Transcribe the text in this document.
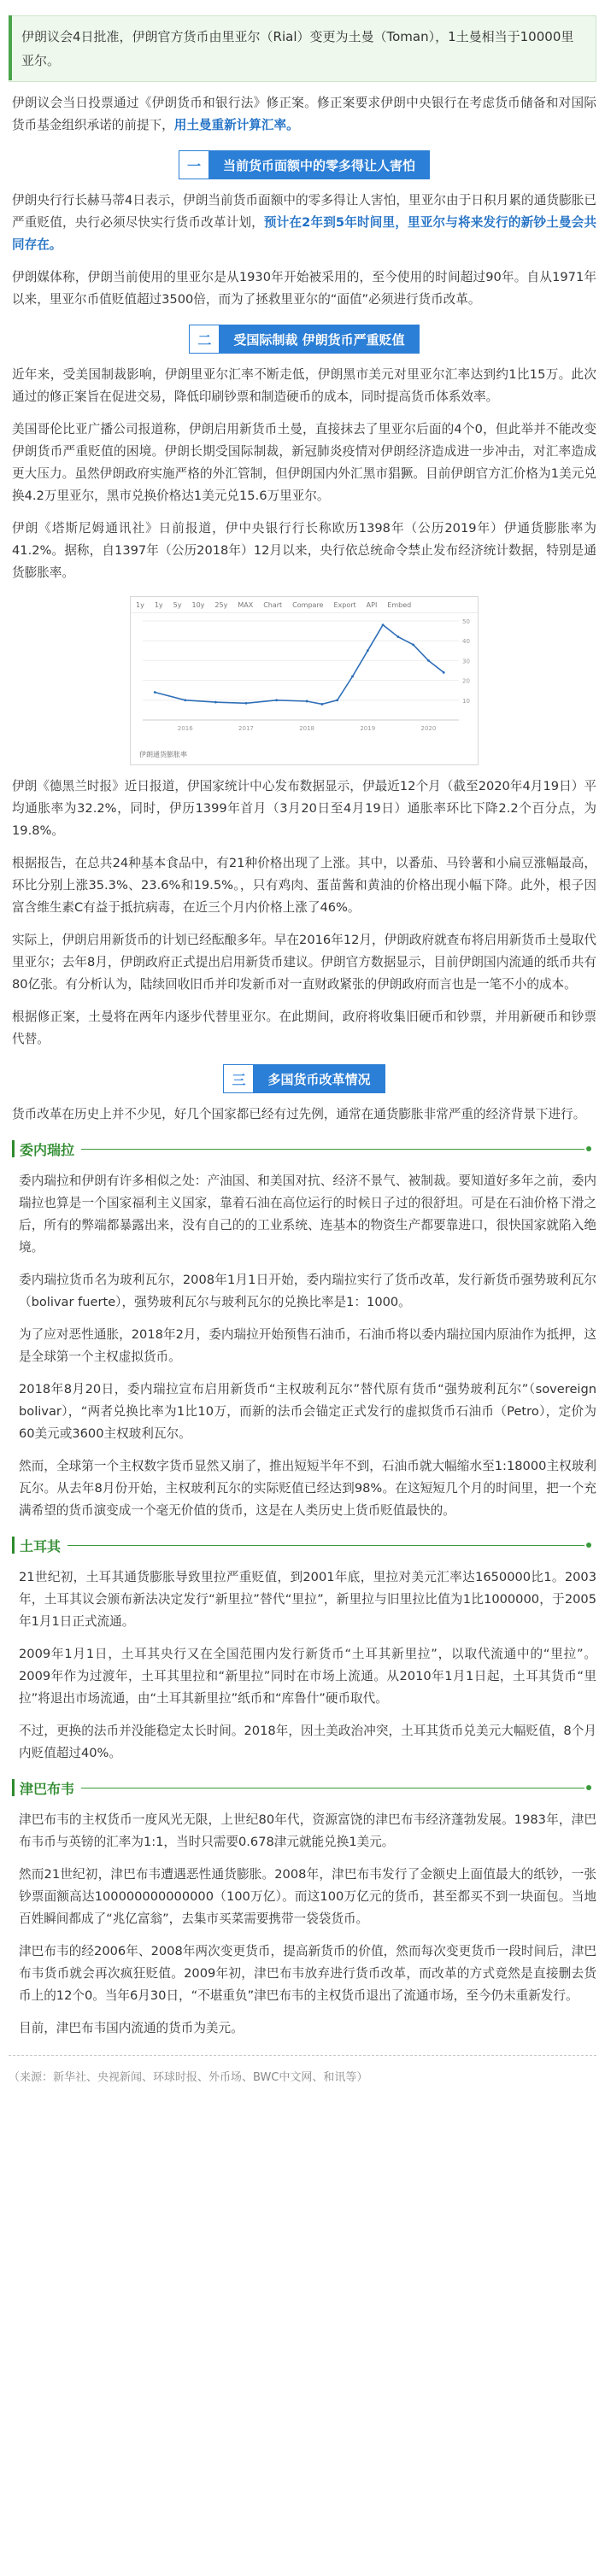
伊朗议会4日批准，伊朗官方货币由里亚尔（Rial）变更为土曼（Toman），1土曼相当于10000里亚尔。

伊朗议会当日投票通过《伊朗货币和银行法》修正案。修正案要求伊朗中央银行在考虑货币储备和对国际货币基金组织承诺的前提下，用土曼重新计算汇率。

一	当前货币面额中的零多得让人害怕

伊朗央行行长赫马蒂4日表示，伊朗当前货币面额中的零多得让人害怕，里亚尔由于日积月累的通货膨胀已严重贬值，央行必须尽快实行货币改革计划，预计在2年到5年时间里，里亚尔与将来发行的新钞土曼会共同存在。

伊朗媒体称，伊朗当前使用的里亚尔是从1930年开始被采用的，至今使用的时间超过90年。自从1971年以来，里亚尔币值贬值超过3500倍，而为了拯救里亚尔的“面值”必须进行货币改革。

二	受国际制裁 伊朗货币严重贬值

近年来，受美国制裁影响，伊朗里亚尔汇率不断走低，伊朗黑市美元对里亚尔汇率达到约1比15万。此次通过的修正案旨在促进交易，降低印刷钞票和制造硬币的成本，同时提高货币体系效率。

美国哥伦比亚广播公司报道称，伊朗启用新货币土曼，直接抹去了里亚尔后面的4个0，但此举并不能改变伊朗货币严重贬值的困境。伊朗长期受国际制裁，新冠肺炎疫情对伊朗经济造成进一步冲击，对汇率造成更大压力。虽然伊朗政府实施严格的外汇管制，但伊朗国内外汇黑市猖獗。目前伊朗官方汇价格为1美元兑换4.2万里亚尔，黑市兑换价格达1美元兑15.6万里亚尔。

伊朗《塔斯尼姆通讯社》日前报道，伊中央银行行长称欧历1398年（公历2019年）伊通货膨胀率为41.2%。据称，自1397年（公历2018年）12月以来，央行依总统命令禁止发布经济统计数据，特别是通货膨胀率。

1y 1y 5y 10y 25y MAX Chart Compare Export API Embed
50
40
30
20
10
2016	2017	2018	2019	2020
伊朗通货膨胀率

伊朗《德黑兰时报》近日报道，伊国家统计中心发布数据显示，伊最近12个月（截至2020年4月19日）平均通胀率为32.2%，同时，伊历1399年首月（3月20日至4月19日）通胀率环比下降2.2个百分点，为19.8%。

根据报告，在总共24种基本食品中，有21种价格出现了上涨。其中，以番茄、马铃薯和小扁豆涨幅最高，环比分别上涨35.3%、23.6%和19.5%。，只有鸡肉、蛋苗酱和黄油的价格出现小幅下降。此外，根子因富含维生素C有益于抵抗病毒，在近三个月内价格上涨了46%。

实际上，伊朗启用新货币的计划已经酝酿多年。早在2016年12月，伊朗政府就查布将启用新货币土曼取代里亚尔；去年8月，伊朗政府正式提出启用新货币建议。伊朗官方数据显示，目前伊朗国内流通的纸币共有80亿张。有分析认为，陆续回收旧币并印发新币对一直财政紧张的伊朗政府而言也是一笔不小的成本。

根据修正案，土曼将在两年内逐步代替里亚尔。在此期间，政府将收集旧硬币和钞票，并用新硬币和钞票代替。

三	多国货币改革情况

货币改革在历史上并不少见，好几个国家都已经有过先例，通常在通货膨胀非常严重的经济背景下进行。

委内瑞拉

委内瑞拉和伊朗有许多相似之处：产油国、和美国对抗、经济不景气、被制裁。要知道好多年之前，委内瑞拉也算是一个国家福利主义国家，靠着石油在高位运行的时候日子过的很舒坦。可是在石油价格下滑之后，所有的弊端都暴露出来，没有自己的的工业系统、连基本的物资生产都要靠进口，很快国家就陷入绝境。

委内瑞拉货币名为玻利瓦尔，2008年1月1日开始，委内瑞拉实行了货币改革，发行新货币强势玻利瓦尔（bolivar fuerte），强势玻利瓦尔与玻利瓦尔的兑换比率是1：1000。

为了应对恶性通胀，2018年2月，委内瑞拉开始预售石油币，石油币将以委内瑞拉国内原油作为抵押，这是全球第一个主权虚拟货币。

2018年8月20日，委内瑞拉宣布启用新货币“主权玻利瓦尔”替代原有货币“强势玻利瓦尔”（sovereign bolivar），“两者兑换比率为1比10万，而新的法币会锚定正式发行的虚拟货币石油币（Petro），定价为60美元或3600主权玻利瓦尔。

然而，全球第一个主权数字货币显然又崩了，推出短短半年不到，石油币就大幅缩水至1:18000主权玻利瓦尔。从去年8月份开始，主权玻利瓦尔的实际贬值已经达到98%。在这短短几个月的时间里，把一个充满希望的货币演变成一个毫无价值的货币，这是在人类历史上货币贬值最快的。

土耳其

21世纪初，土耳其通货膨胀导致里拉严重贬值，到2001年底，里拉对美元汇率达1650000比1。2003年，土耳其议会颁布新法决定发行“新里拉”替代“里拉”，新里拉与旧里拉比值为1比1000000，于2005年1月1日正式流通。

2009年1月1日，土耳其央行又在全国范围内发行新货币“土耳其新里拉”，以取代流通中的“里拉”。2009年作为过渡年，土耳其里拉和“新里拉”同时在市场上流通。从2010年1月1日起，土耳其货币“里拉”将退出市场流通，由“土耳其新里拉”纸币和“库鲁什”硬币取代。

不过，更换的法币并没能稳定太长时间。2018年，因土美政治冲突，土耳其货币兑美元大幅贬值，8个月内贬值超过40%。

津巴布韦

津巴布韦的主权货币一度风光无限，上世纪80年代，资源富饶的津巴布韦经济蓬勃发展。1983年，津巴布韦币与英镑的汇率为1:1，当时只需要0.678津元就能兑换1美元。

然而21世纪初，津巴布韦遭遇恶性通货膨胀。2008年，津巴布韦发行了金额史上面值最大的纸钞，一张钞票面额高达100000000000000（100万亿）。而这100万亿元的货币，甚至都买不到一块面包。当地百姓瞬间都成了“兆亿富翁”，去集市买菜需要携带一袋袋货币。

津巴布韦的经2006年、2008年两次变更货币，提高新货币的价值，然而每次变更货币一段时间后，津巴布韦货币就会再次疯狂贬值。2009年初，津巴布韦放弃进行货币改革，而改革的方式竟然是直接删去货币上的12个0。当年6月30日，“不堪重负”津巴布韦的主权货币退出了流通市场，至今仍未重新发行。

目前，津巴布韦国内流通的货币为美元。

（来源：新华社、央视新闻、环球时报、外币场、BWC中文网、和讯等）
